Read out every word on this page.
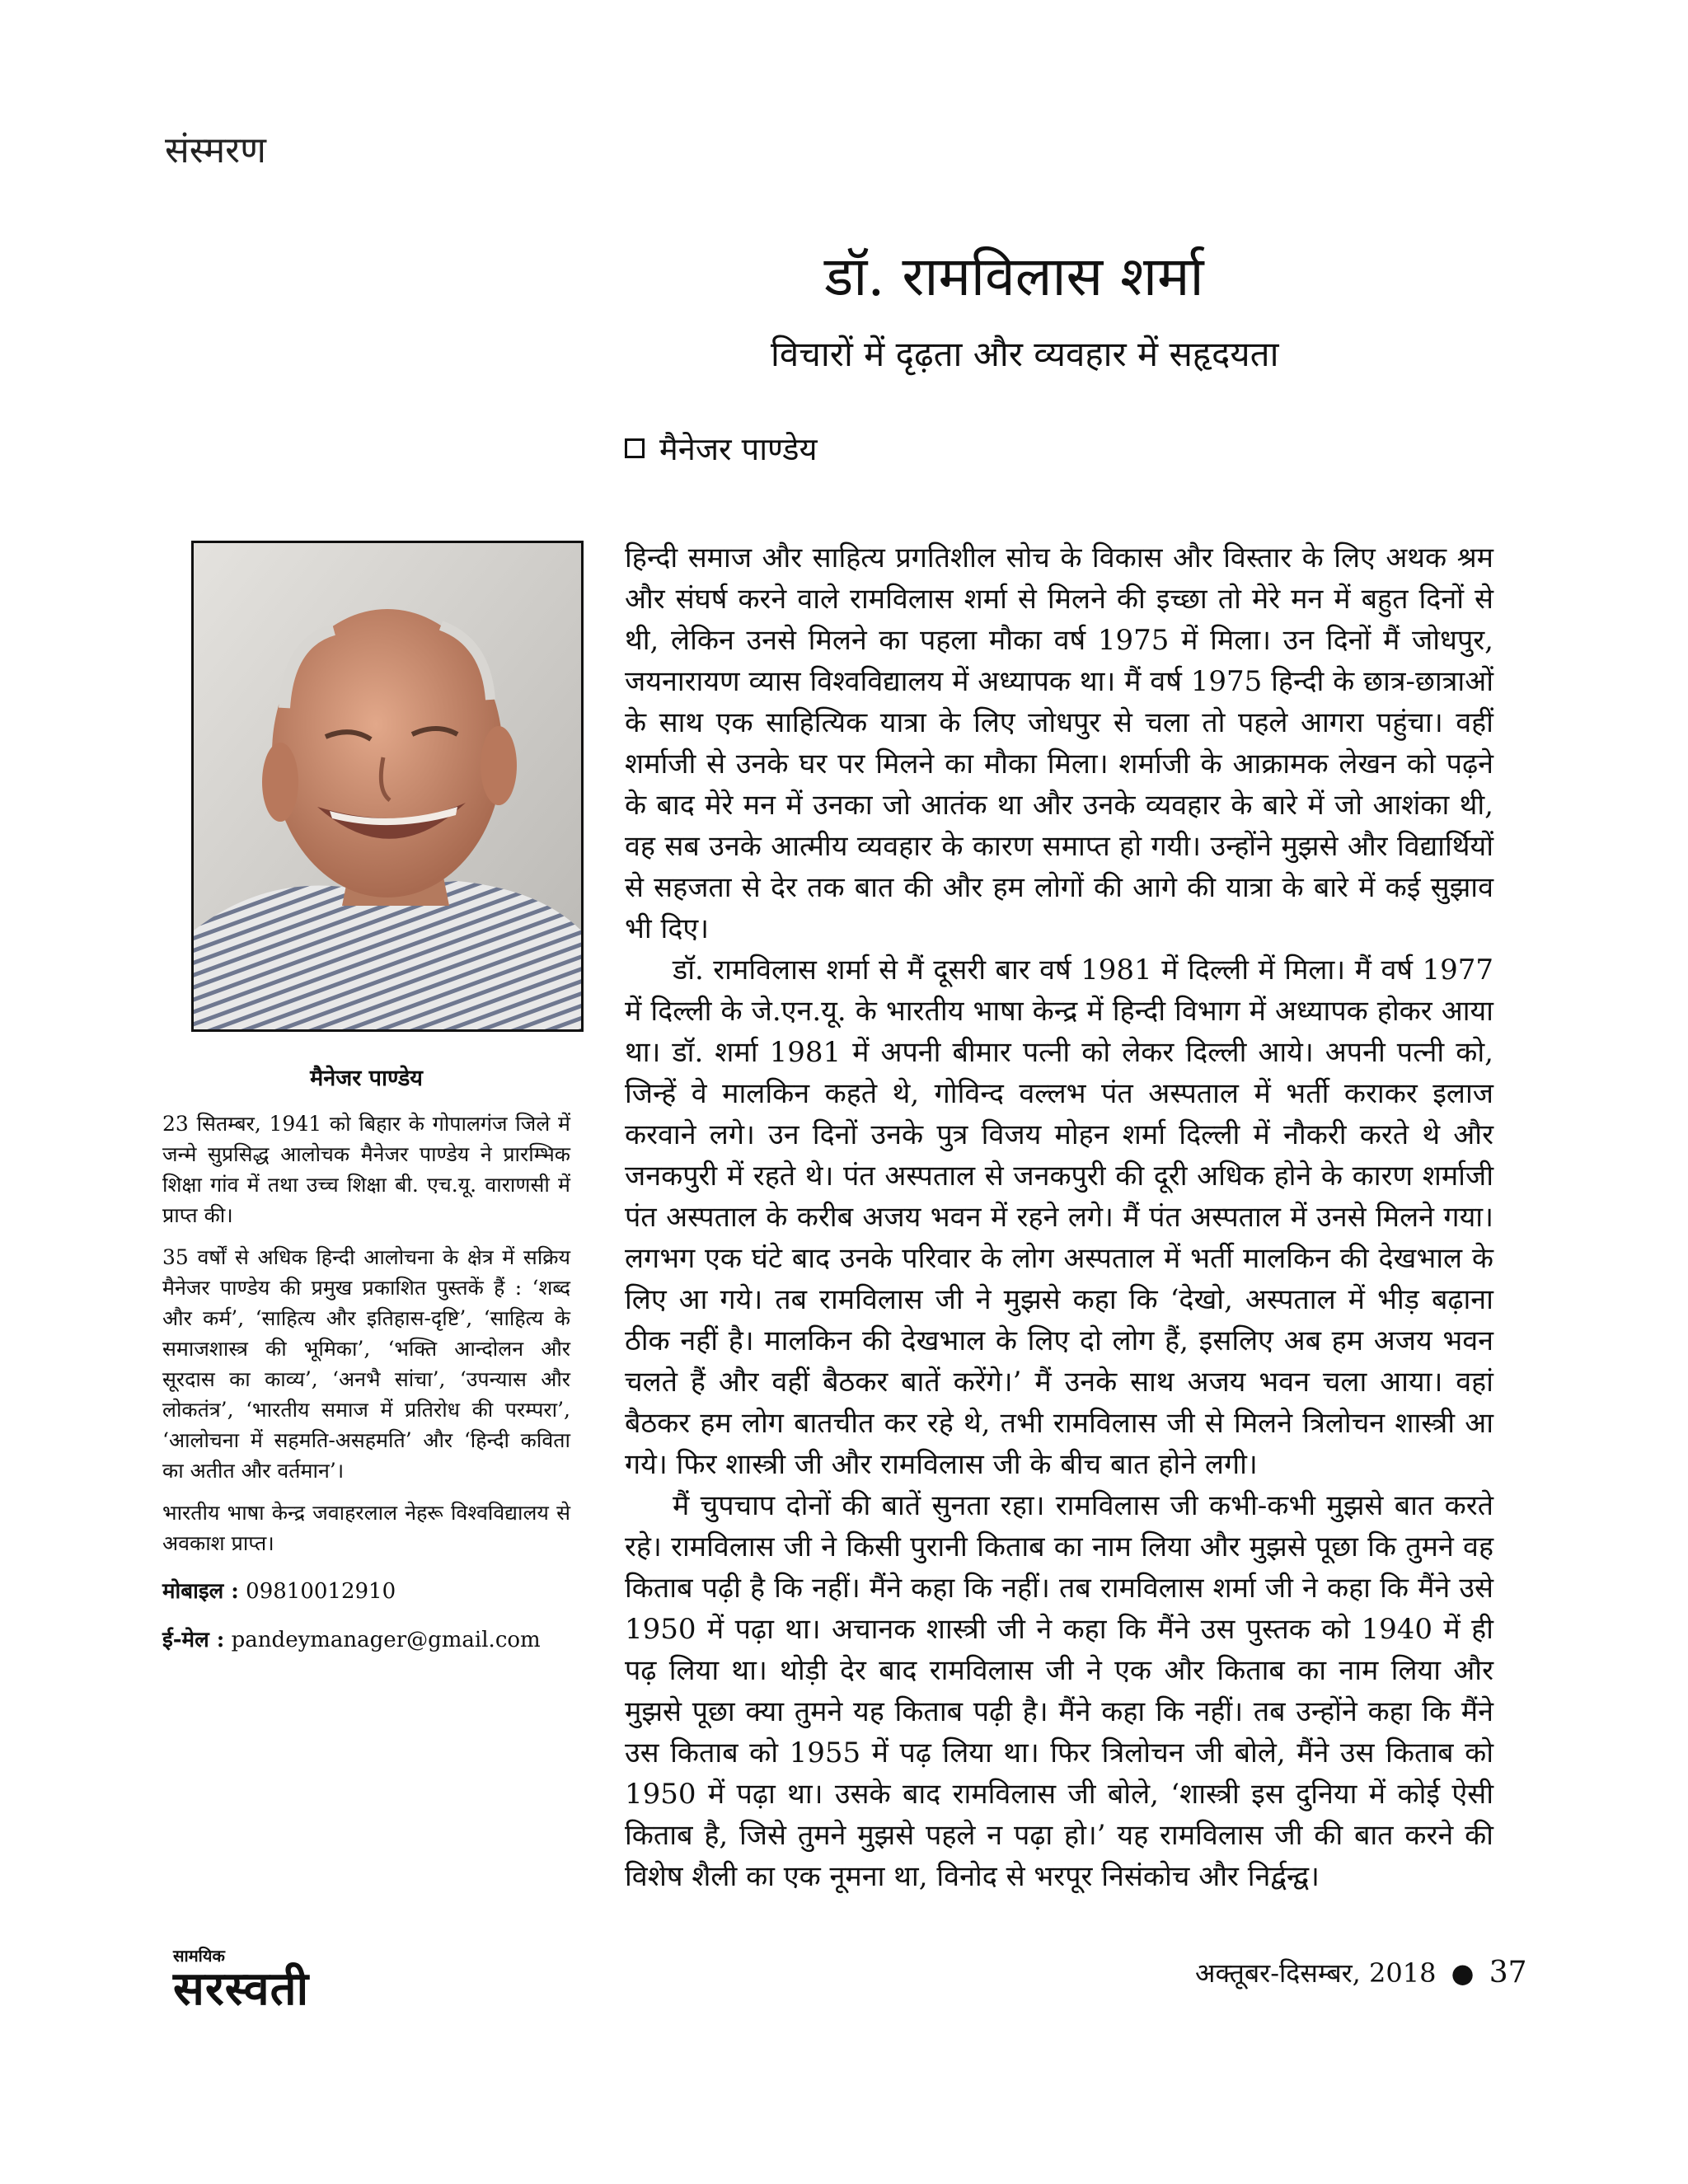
संस्मरण
डॉ. रामविलास शर्मा
विचारों में दृढ़ता और व्यवहार में सहृदयता
मैनेजर पाण्डेय
मैनेजर पाण्डेय

23 सितम्बर, 1941 को बिहार के गोपालगंज जिले में जन्मे सुप्रसिद्ध आलोचक मैनेजर पाण्डेय ने प्रारम्भिक शिक्षा गांव में तथा उच्च शिक्षा बी. एच.यू. वाराणसी में प्राप्त की।

35 वर्षों से अधिक हिन्दी आलोचना के क्षेत्र में सक्रिय मैनेजर पाण्डेय की प्रमुख प्रकाशित पुस्तकें हैं : ‘शब्द और कर्म’, ‘साहित्य और इतिहास-दृष्टि’, ‘साहित्य के समाजशास्त्र की भूमिका’, ‘भक्ति आन्दोलन और सूरदास का काव्य’, ‘अनभै सांचा’, ‘उपन्यास और लोकतंत्र’, ‘भारतीय समाज में प्रतिरोध की परम्परा’, ‘आलोचना में सहमति-असहमति’ और ‘हिन्दी कविता का अतीत और वर्तमान’।

भारतीय भाषा केन्द्र जवाहरलाल नेहरू विश्वविद्यालय से अवकाश प्राप्त।

मोबाइल : 09810012910
ई-मेल : pandeymanager@gmail.com

हिन्दी समाज और साहित्य प्रगतिशील सोच के विकास और विस्तार के लिए अथक श्रम और संघर्ष करने वाले रामविलास शर्मा से मिलने की इच्छा तो मेरे मन में बहुत दिनों से थी, लेकिन उनसे मिलने का पहला मौका वर्ष 1975 में मिला। उन दिनों मैं जोधपुर, जयनारायण व्यास विश्वविद्यालय में अध्यापक था। मैं वर्ष 1975 हिन्दी के छात्र-छात्राओं के साथ एक साहित्यिक यात्रा के लिए जोधपुर से चला तो पहले आगरा पहुंचा। वहीं शर्माजी से उनके घर पर मिलने का मौका मिला। शर्माजी के आक्रामक लेखन को पढ़ने के बाद मेरे मन में उनका जो आतंक था और उनके व्यवहार के बारे में जो आशंका थी, वह सब उनके आत्मीय व्यवहार के कारण समाप्त हो गयी। उन्होंने मुझसे और विद्यार्थियों से सहजता से देर तक बात की और हम लोगों की आगे की यात्रा के बारे में कई सुझाव भी दिए।

डॉ. रामविलास शर्मा से मैं दूसरी बार वर्ष 1981 में दिल्ली में मिला। मैं वर्ष 1977 में दिल्ली के जे.एन.यू. के भारतीय भाषा केन्द्र में हिन्दी विभाग में अध्यापक होकर आया था। डॉ. शर्मा 1981 में अपनी बीमार पत्नी को लेकर दिल्ली आये। अपनी पत्नी को, जिन्हें वे मालकिन कहते थे, गोविन्द वल्लभ पंत अस्पताल में भर्ती कराकर इलाज करवाने लगे। उन दिनों उनके पुत्र विजय मोहन शर्मा दिल्ली में नौकरी करते थे और जनकपुरी में रहते थे। पंत अस्पताल से जनकपुरी की दूरी अधिक होने के कारण शर्माजी पंत अस्पताल के करीब अजय भवन में रहने लगे। मैं पंत अस्पताल में उनसे मिलने गया। लगभग एक घंटे बाद उनके परिवार के लोग अस्पताल में भर्ती मालकिन की देखभाल के लिए आ गये। तब रामविलास जी ने मुझसे कहा कि ‘देखो, अस्पताल में भीड़ बढ़ाना ठीक नहीं है। मालकिन की देखभाल के लिए दो लोग हैं, इसलिए अब हम अजय भवन चलते हैं और वहीं बैठकर बातें करेंगे।’ मैं उनके साथ अजय भवन चला आया। वहां बैठकर हम लोग बातचीत कर रहे थे, तभी रामविलास जी से मिलने त्रिलोचन शास्त्री आ गये। फिर शास्त्री जी और रामविलास जी के बीच बात होने लगी।

मैं चुपचाप दोनों की बातें सुनता रहा। रामविलास जी कभी-कभी मुझसे बात करते रहे। रामविलास जी ने किसी पुरानी किताब का नाम लिया और मुझसे पूछा कि तुमने वह किताब पढ़ी है कि नहीं। मैंने कहा कि नहीं। तब रामविलास शर्मा जी ने कहा कि मैंने उसे 1950 में पढ़ा था। अचानक शास्त्री जी ने कहा कि मैंने उस पुस्तक को 1940 में ही पढ़ लिया था। थोड़ी देर बाद रामविलास जी ने एक और किताब का नाम लिया और मुझसे पूछा क्या तुमने यह किताब पढ़ी है। मैंने कहा कि नहीं। तब उन्होंने कहा कि मैंने उस किताब को 1955 में पढ़ लिया था। फिर त्रिलोचन जी बोले, मैंने उस किताब को 1950 में पढ़ा था। उसके बाद रामविलास जी बोले, ‘शास्त्री इस दुनिया में कोई ऐसी किताब है, जिसे तुमने मुझसे पहले न पढ़ा हो।’ यह रामविलास जी की बात करने की विशेष शैली का एक नूमना था, विनोद से भरपूर निसंकोच और निर्द्वन्द्व।

सामयिक
सरस्वती	अक्तूबर-दिसम्बर, 2018 ● 37
